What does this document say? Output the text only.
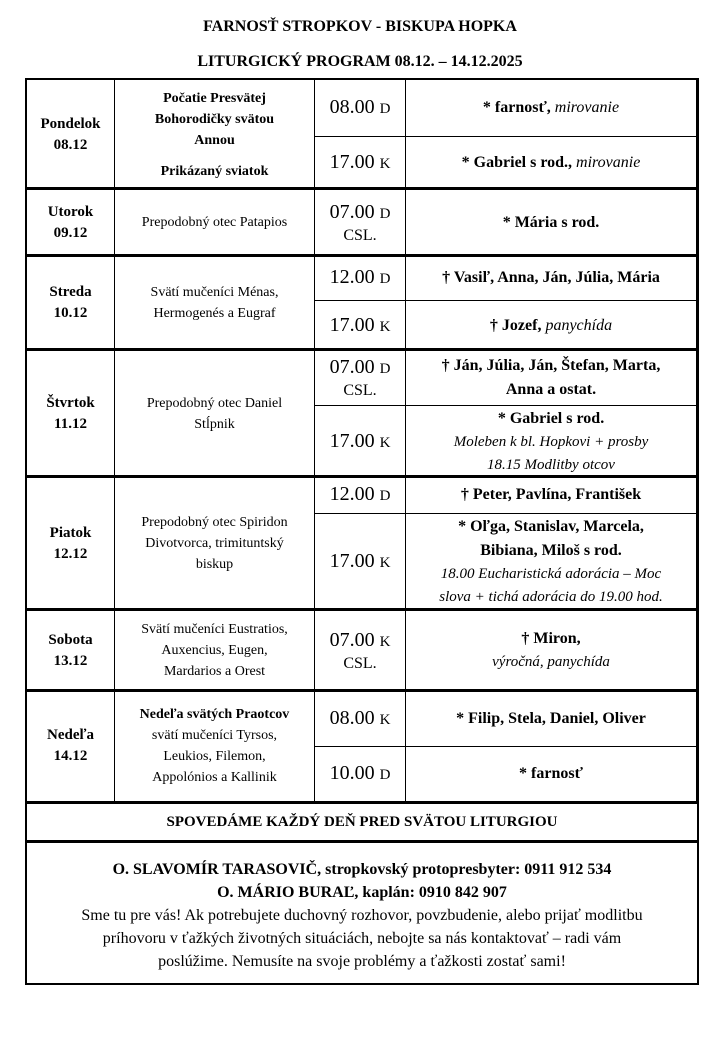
FARNOSŤ STROPKOV - BISKUPA HOPKA
LITURGICKÝ PROGRAM 08.12. – 14.12.2025
SPOVEDÁME KAŽDÝ DEŇ PRED SVÄTOU LITURGIOU
O. SLAVOMÍR TARASOVIČ, stropkovský protopresbyter: 0911 912 534
O. MÁRIO BURAĽ, kaplán: 0910 842 907
Sme tu pre vás! Ak potrebujete duchovný rozhovor, povzbudenie, alebo prijať modlitbu
príhovoru v ťažkých životných situáciách, nebojte sa nás kontaktovať – radi vám
poslúžime. Nemusíte na svoje problémy a ťažkosti zostať sami!
Pondelok
08.12
Počatie Presvätej
Bohorodičky svätou
Annou
Prikázaný sviatok
08.00 D
17.00 K
* farnosť, mirovanie
* Gabriel s rod., mirovanie
Utorok
09.12
Prepodobný otec Patapios 07.00 D
CSL.
* Mária s rod.
Streda
10.12
Svätí mučeníci Ménas,
Hermogenés a Eugraf
12.00 D
17.00 K
† Vasiľ, Anna, Ján, Júlia, Mária
† Jozef, panychída
Štvrtok
11.12
Prepodobný otec Daniel
Stĺpnik
07.00 D
CSL.
17.00 K
† Ján, Júlia, Ján, Štefan, Marta,
Anna a ostat.
* Gabriel s rod.
Moleben k bl. Hopkovi + prosby
18.15 Modlitby otcov
Piatok
12.12
Prepodobný otec Spiridon
Divotvorca, trimituntský
biskup
12.00 D
17.00 K
† Peter, Pavlína, František
* Oľga, Stanislav, Marcela,
Bibiana, Miloš s rod.
18.00 Eucharistická adorácia – Moc
slova + tichá adorácia do 19.00 hod.
Sobota
13.12
Svätí mučeníci Eustratios,
Auxencius, Eugen,
Mardarios a Orest
07.00 K
CSL.
† Miron,
výročná, panychída
Nedeľa
14.12
Nedeľa svätých Praotcov
svätí mučeníci Tyrsos,
Leukios, Filemon,
Appolónios a Kallinik
08.00 K
10.00 D
* Filip, Stela, Daniel, Oliver
* farnosť
